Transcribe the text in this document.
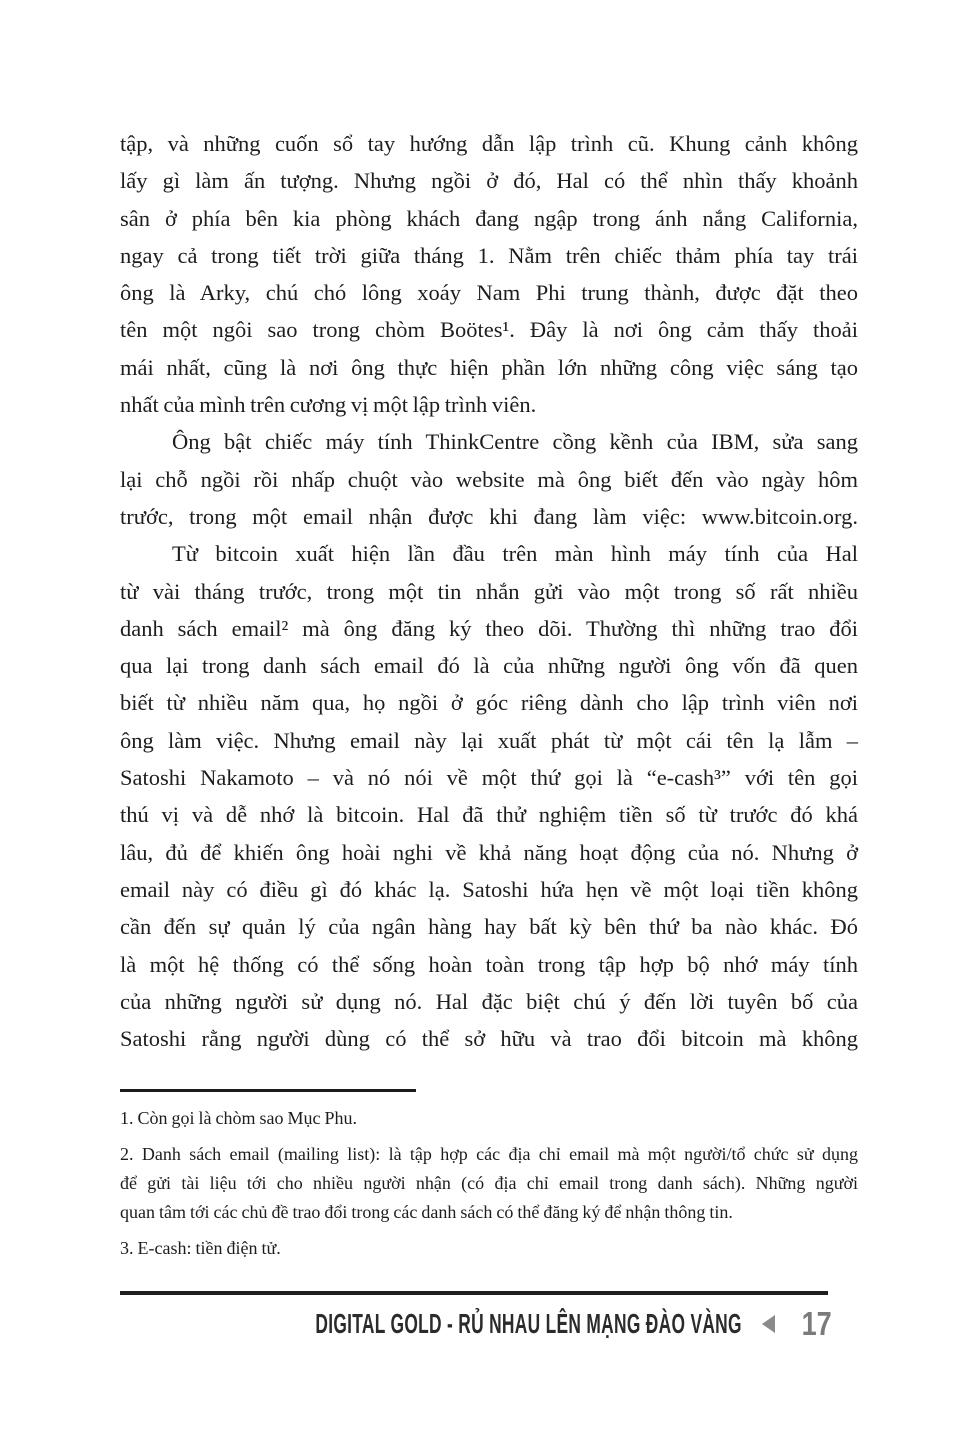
tập, và những cuốn sổ tay hướng dẫn lập trình cũ. Khung cảnh không
lấy gì làm ấn tượng. Nhưng ngồi ở đó, Hal có thể nhìn thấy khoảnh
sân ở phía bên kia phòng khách đang ngập trong ánh nắng California,
ngay cả trong tiết trời giữa tháng 1. Nằm trên chiếc thảm phía tay trái
ông là Arky, chú chó lông xoáy Nam Phi trung thành, được đặt theo
tên một ngôi sao trong chòm Boötes¹. Đây là nơi ông cảm thấy thoải
mái nhất, cũng là nơi ông thực hiện phần lớn những công việc sáng tạo
nhất của mình trên cương vị một lập trình viên.
Ông bật chiếc máy tính ThinkCentre cồng kềnh của IBM, sửa sang
lại chỗ ngồi rồi nhấp chuột vào website mà ông biết đến vào ngày hôm
trước, trong một email nhận được khi đang làm việc: www.bitcoin.org.
Từ bitcoin xuất hiện lần đầu trên màn hình máy tính của Hal
từ vài tháng trước, trong một tin nhắn gửi vào một trong số rất nhiều
danh sách email² mà ông đăng ký theo dõi. Thường thì những trao đổi
qua lại trong danh sách email đó là của những người ông vốn đã quen
biết từ nhiều năm qua, họ ngồi ở góc riêng dành cho lập trình viên nơi
ông làm việc. Nhưng email này lại xuất phát từ một cái tên lạ lẫm –
Satoshi Nakamoto – và nó nói về một thứ gọi là “e-cash³” với tên gọi
thú vị và dễ nhớ là bitcoin. Hal đã thử nghiệm tiền số từ trước đó khá
lâu, đủ để khiến ông hoài nghi về khả năng hoạt động của nó. Nhưng ở
email này có điều gì đó khác lạ. Satoshi hứa hẹn về một loại tiền không
cần đến sự quản lý của ngân hàng hay bất kỳ bên thứ ba nào khác. Đó
là một hệ thống có thể sống hoàn toàn trong tập hợp bộ nhớ máy tính
của những người sử dụng nó. Hal đặc biệt chú ý đến lời tuyên bố của
Satoshi rằng người dùng có thể sở hữu và trao đổi bitcoin mà không
1. Còn gọi là chòm sao Mục Phu.
2. Danh sách email (mailing list): là tập hợp các địa chỉ email mà một người/tổ chức sử dụng
để gửi tài liệu tới cho nhiều người nhận (có địa chỉ email trong danh sách). Những người
quan tâm tới các chủ đề trao đổi trong các danh sách có thể đăng ký để nhận thông tin.
3. E-cash: tiền điện tử.
DIGITAL GOLD - RỦ NHAU LÊN MẠNG ĐÀO VÀNG 17
